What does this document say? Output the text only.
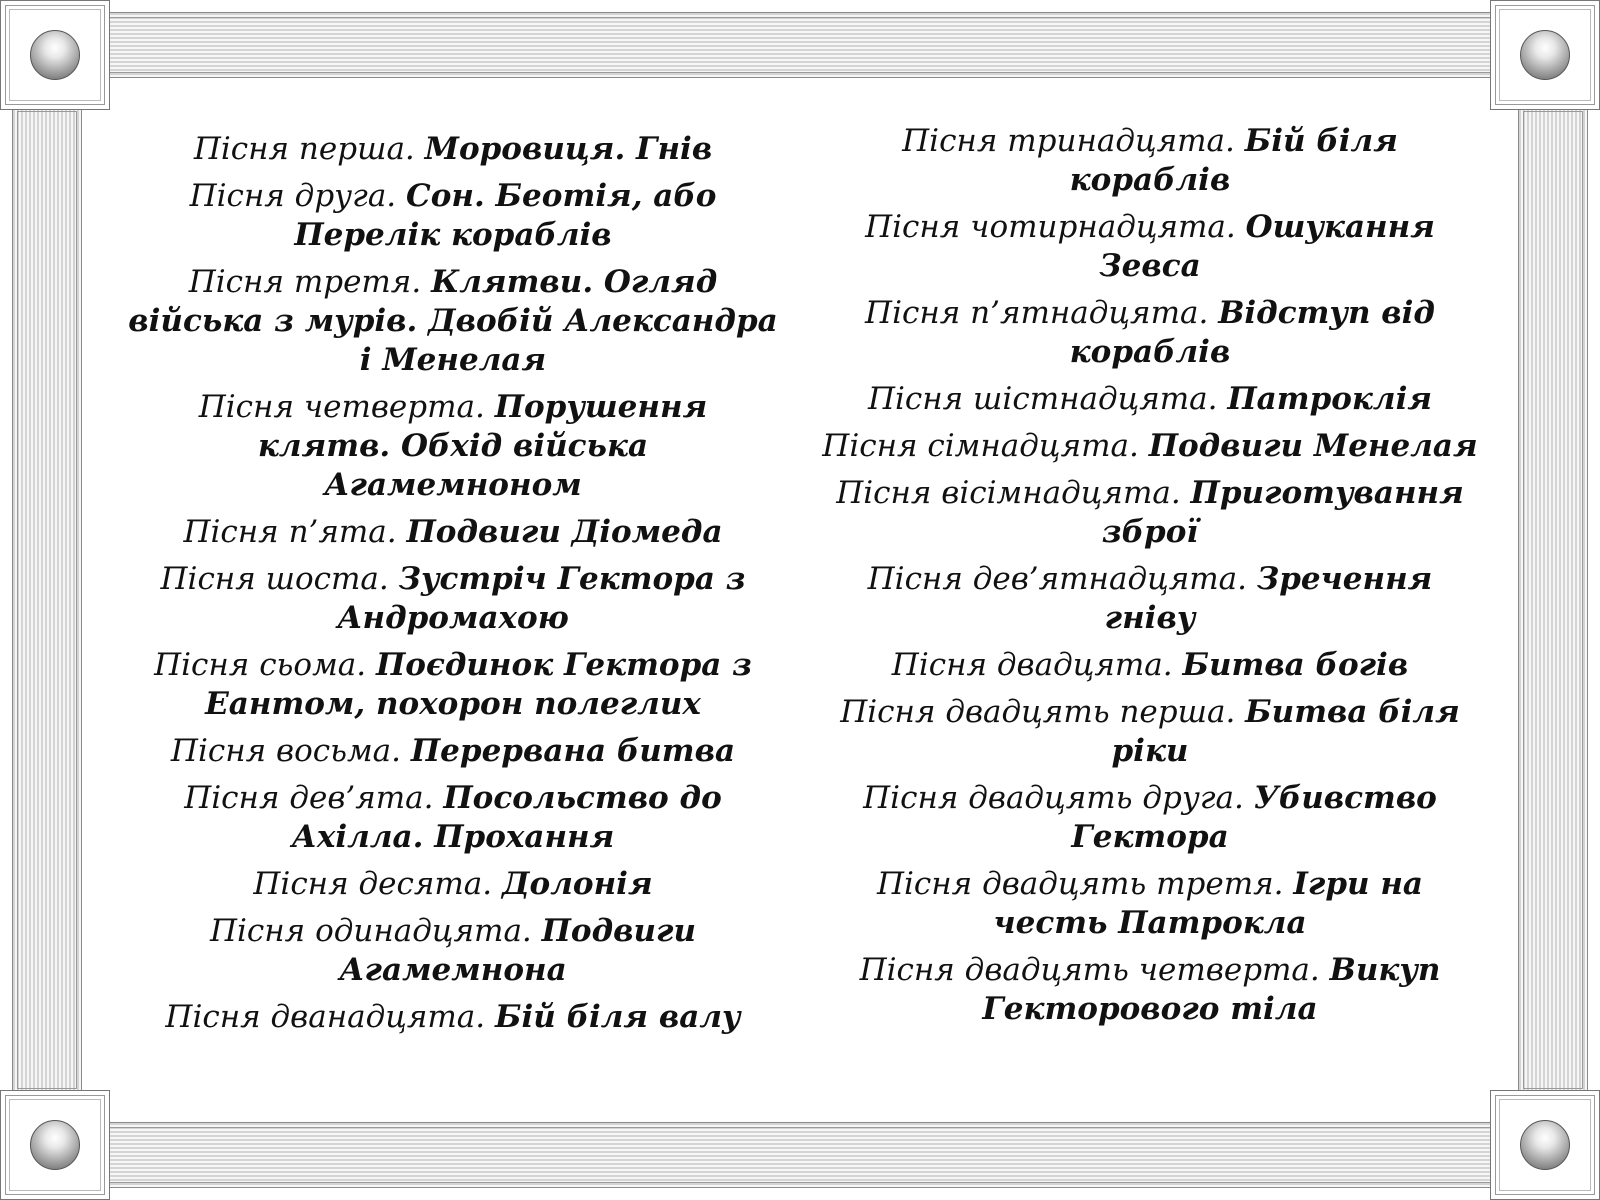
Пісня перша. Моровиця. Гнів
Пісня друга. Сон. Беотія, або Перелік кораблів
Пісня третя. Клятви. Огляд війська з мурів. Двобій Александра і Менелая
Пісня четверта. Порушення клятв. Обхід війська Агамемноном
Пісня п’ята. Подвиги Діомеда
Пісня шоста. Зустріч Гектора з Андромахою
Пісня сьома. Поєдинок Гектора з Еантом, похорон полеглих
Пісня восьма. Перервана битва
Пісня дев’ята. Посольство до Ахілла. Прохання
Пісня десята. Долонія
Пісня одинадцята. Подвиги Агамемнона
Пісня дванадцята. Бій біля валу
Пісня тринадцята. Бій біля кораблів
Пісня чотирнадцята. Ошукання Зевса
Пісня п’ятнадцята. Відступ від кораблів
Пісня шістнадцята. Патроклія
Пісня сімнадцята. Подвиги Менелая
Пісня вісімнадцята. Приготування зброї
Пісня дев’ятнадцята. Зречення гніву
Пісня двадцята. Битва богів
Пісня двадцять перша. Битва біля ріки
Пісня двадцять друга. Убивство Гектора
Пісня двадцять третя. Ігри на честь Патрокла
Пісня двадцять четверта. Викуп Гекторового тіла
